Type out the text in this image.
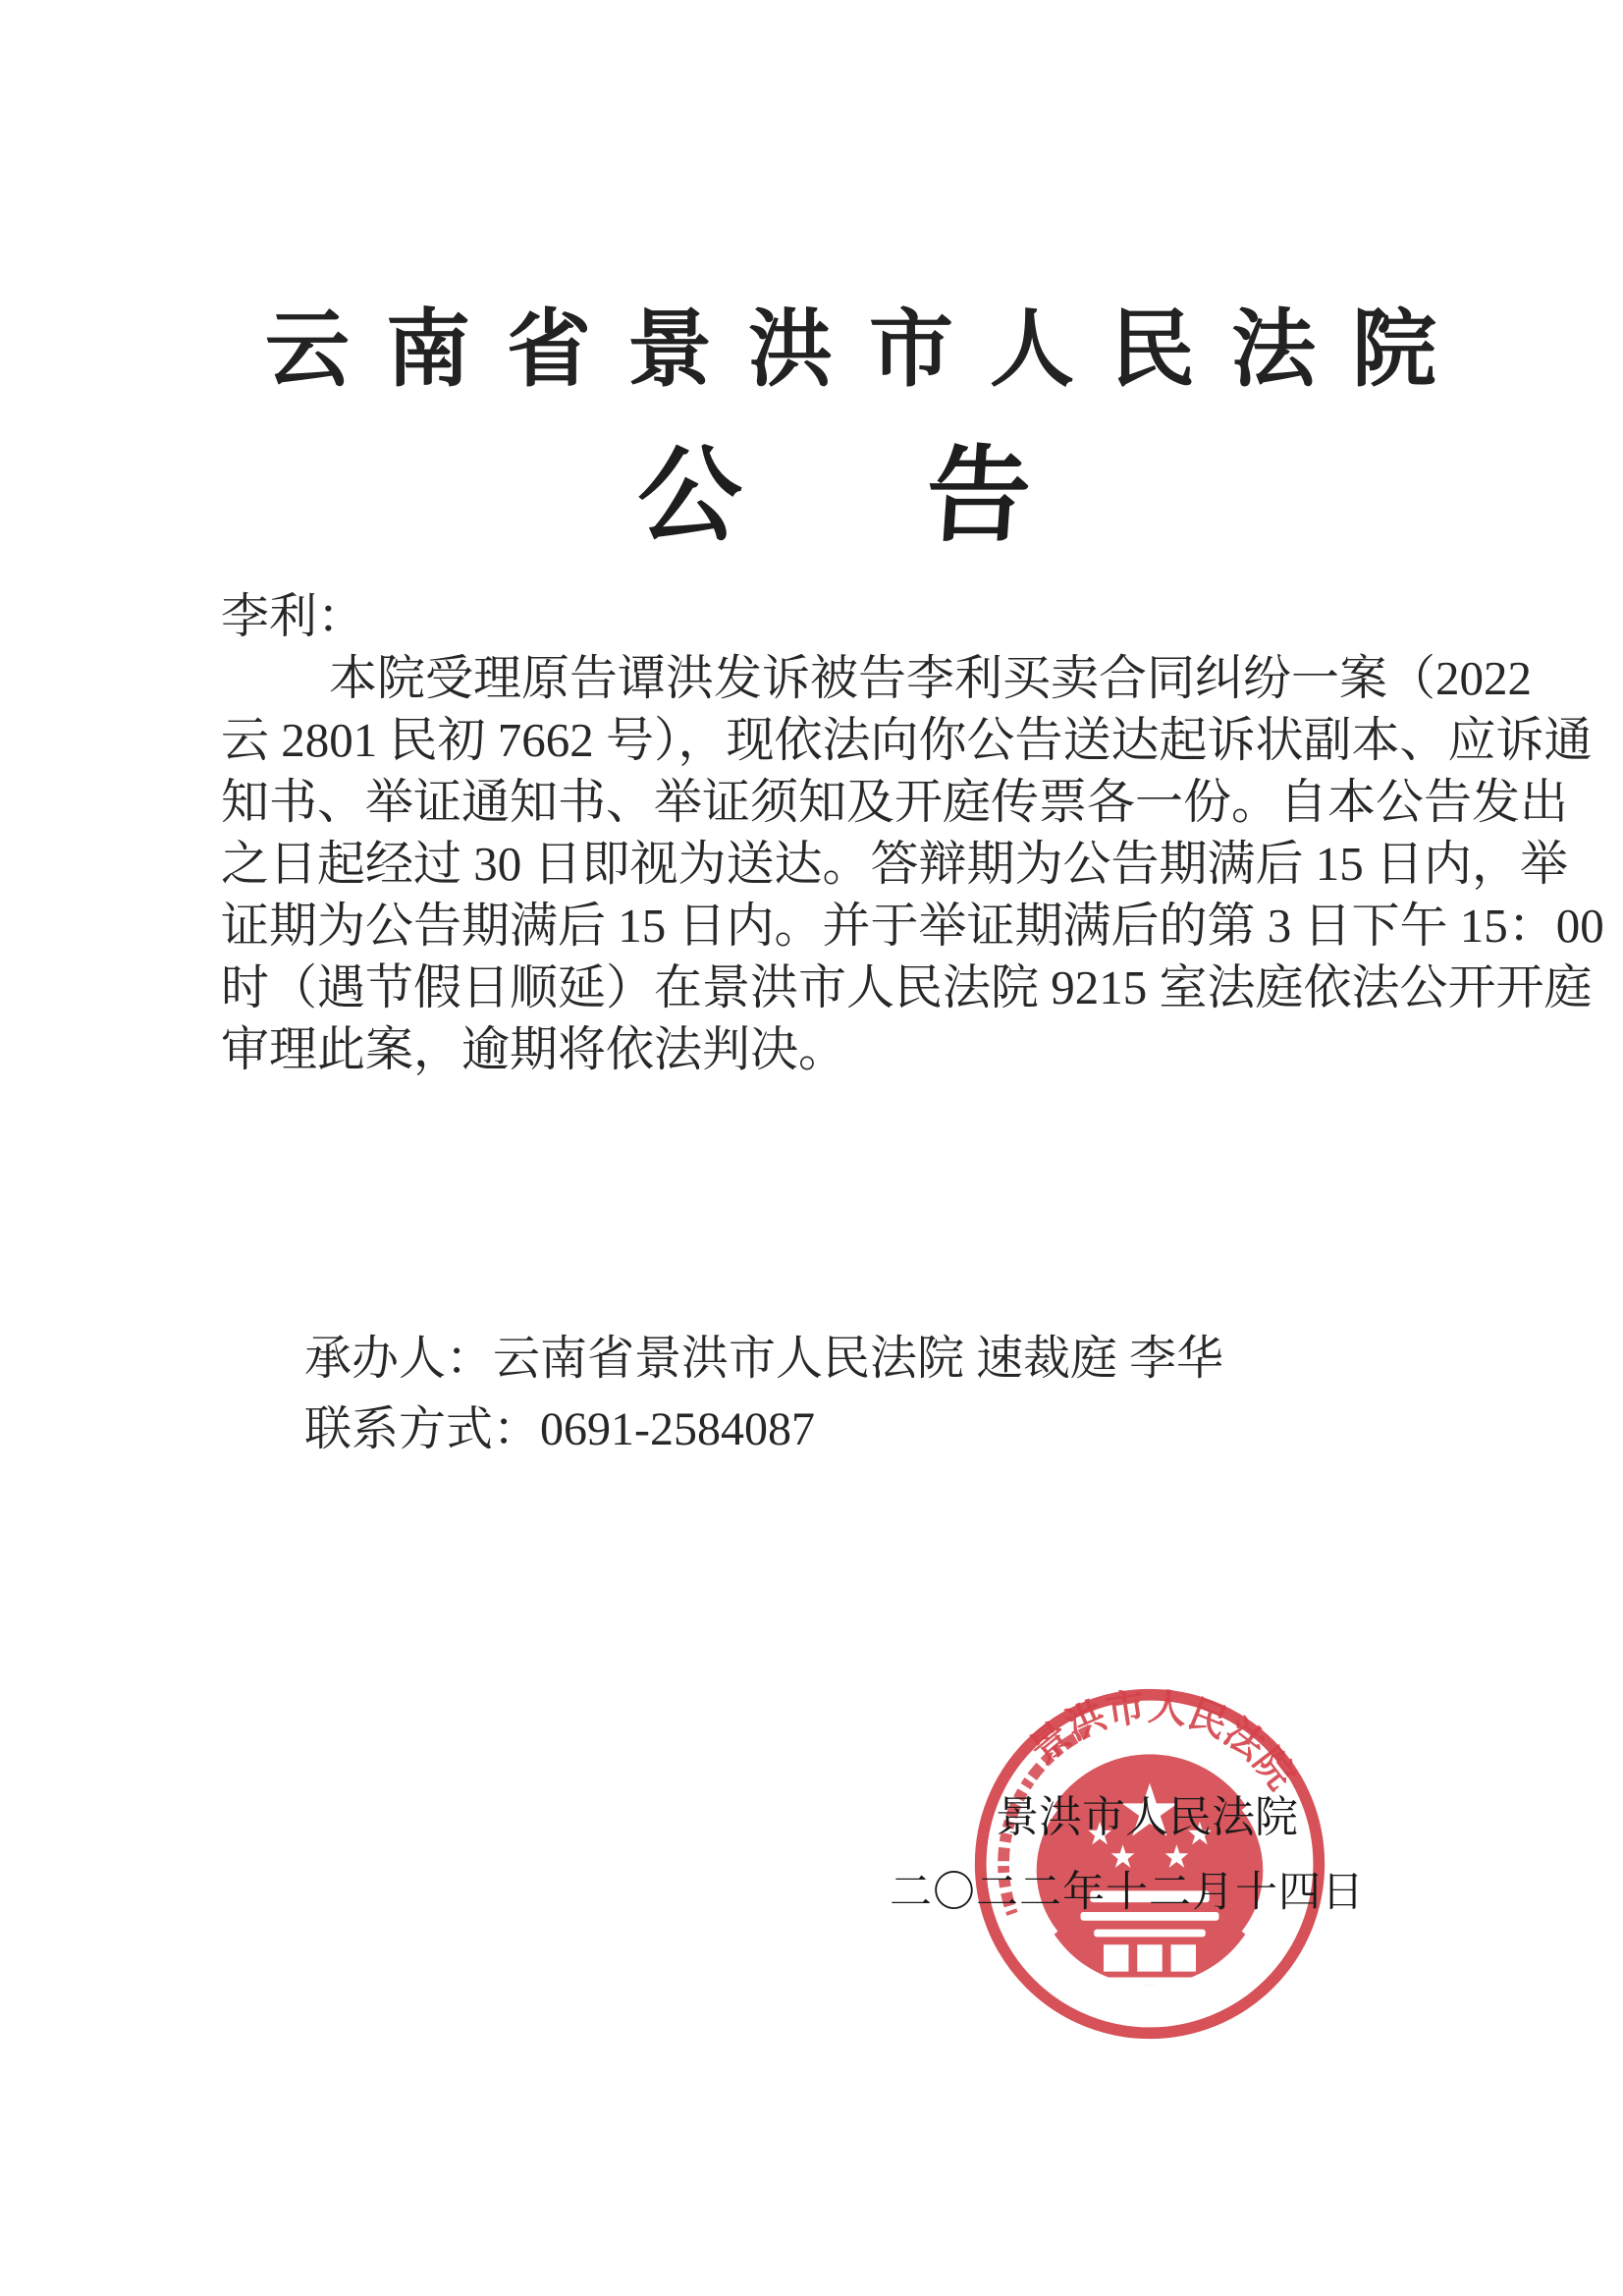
云南省景洪市人民法院
公告
李利：
本院受理原告谭洪发诉被告李利买卖合同纠纷一案（2022
云 2801 民初 7662 号），现依法向你公告送达起诉状副本、应诉通
知书、举证通知书、举证须知及开庭传票各一份。自本公告发出
之日起经过 30 日即视为送达。答辩期为公告期满后 15 日内，举
证期为公告期满后 15 日内。并于举证期满后的第 3 日下午 15：00
时（遇节假日顺延）在景洪市人民法院 9215 室法庭依法公开开庭
审理此案，逾期将依法判决。
承办人：云南省景洪市人民法院 速裁庭 李华
联系方式：0691-2584087
景洪市人民法院
景洪市人民法院
二〇二二年十二月十四日
